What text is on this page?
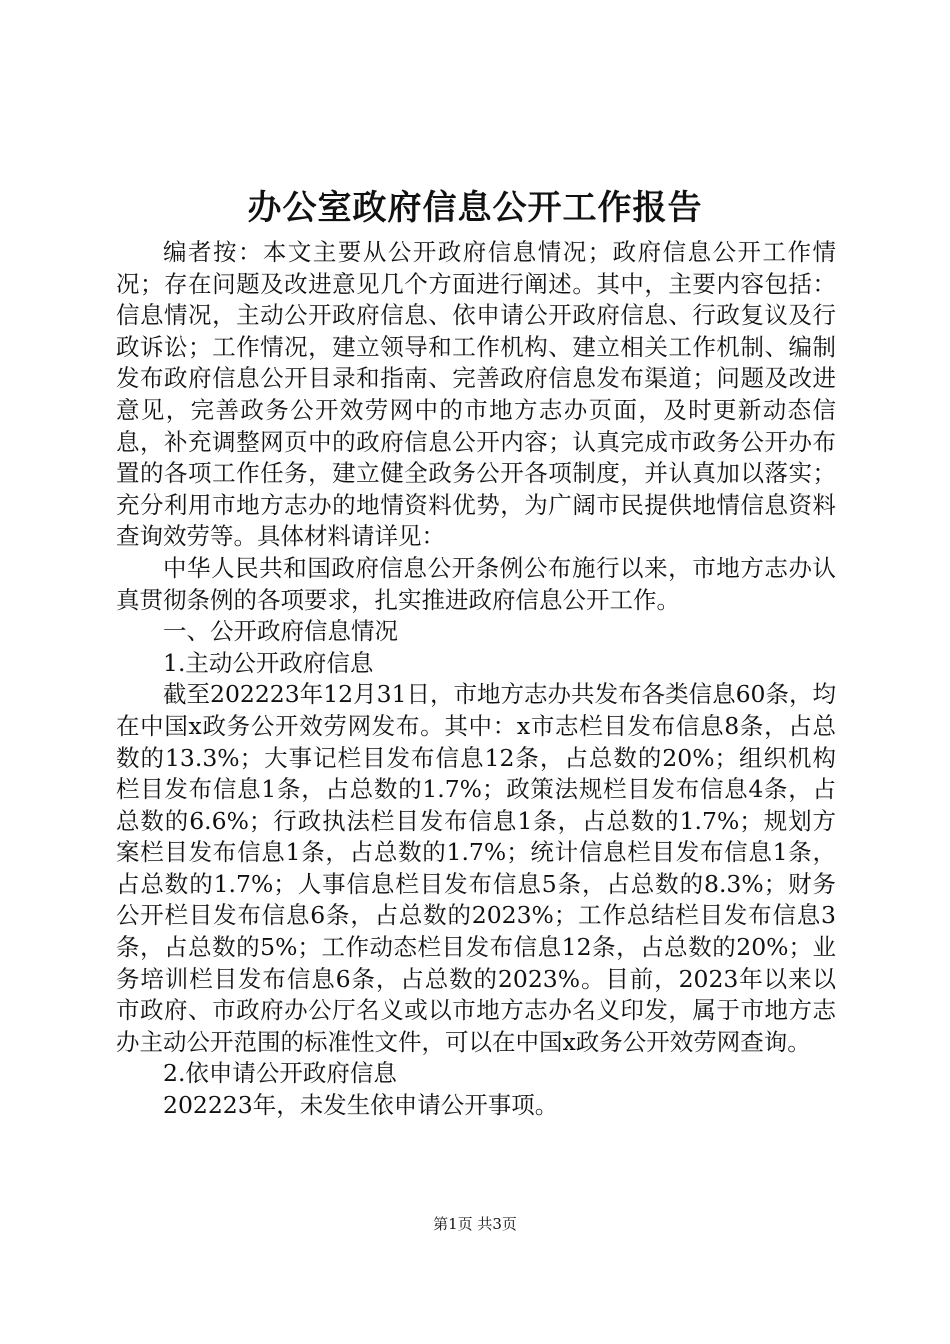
办公室政府信息公开工作报告

编者按：本文主要从公开政府信息情况；政府信息公开工作情况；存在问题及改进意见几个方面进行阐述。其中，主要内容包括：信息情况，主动公开政府信息、依申请公开政府信息、行政复议及行政诉讼；工作情况，建立领导和工作机构、建立相关工作机制、编制发布政府信息公开目录和指南、完善政府信息发布渠道；问题及改进意见，完善政务公开效劳网中的市地方志办页面，及时更新动态信息，补充调整网页中的政府信息公开内容；认真完成市政务公开办布置的各项工作任务，建立健全政务公开各项制度，并认真加以落实；充分利用市地方志办的地情资料优势，为广阔市民提供地情信息资料查询效劳等。具体材料请详见：

中华人民共和国政府信息公开条例公布施行以来，市地方志办认真贯彻条例的各项要求，扎实推进政府信息公开工作。

一、公开政府信息情况

1.主动公开政府信息

截至202223年12月31日，市地方志办共发布各类信息60条，均在中国x政务公开效劳网发布。其中：x市志栏目发布信息8条，占总数的13.3%；大事记栏目发布信息12条，占总数的20%；组织机构栏目发布信息1条，占总数的1.7%；政策法规栏目发布信息4条，占总数的6.6%；行政执法栏目发布信息1条，占总数的1.7%；规划方案栏目发布信息1条，占总数的1.7%；统计信息栏目发布信息1条，占总数的1.7%；人事信息栏目发布信息5条，占总数的8.3%；财务公开栏目发布信息6条，占总数的2023%；工作总结栏目发布信息3条，占总数的5%；工作动态栏目发布信息12条，占总数的20%；业务培训栏目发布信息6条，占总数的2023%。目前，2023年以来以市政府、市政府办公厅名义或以市地方志办名义印发，属于市地方志办主动公开范围的标准性文件，可以在中国x政务公开效劳网查询。

2.依申请公开政府信息

202223年，未发生依申请公开事项。

第1页 共3页
